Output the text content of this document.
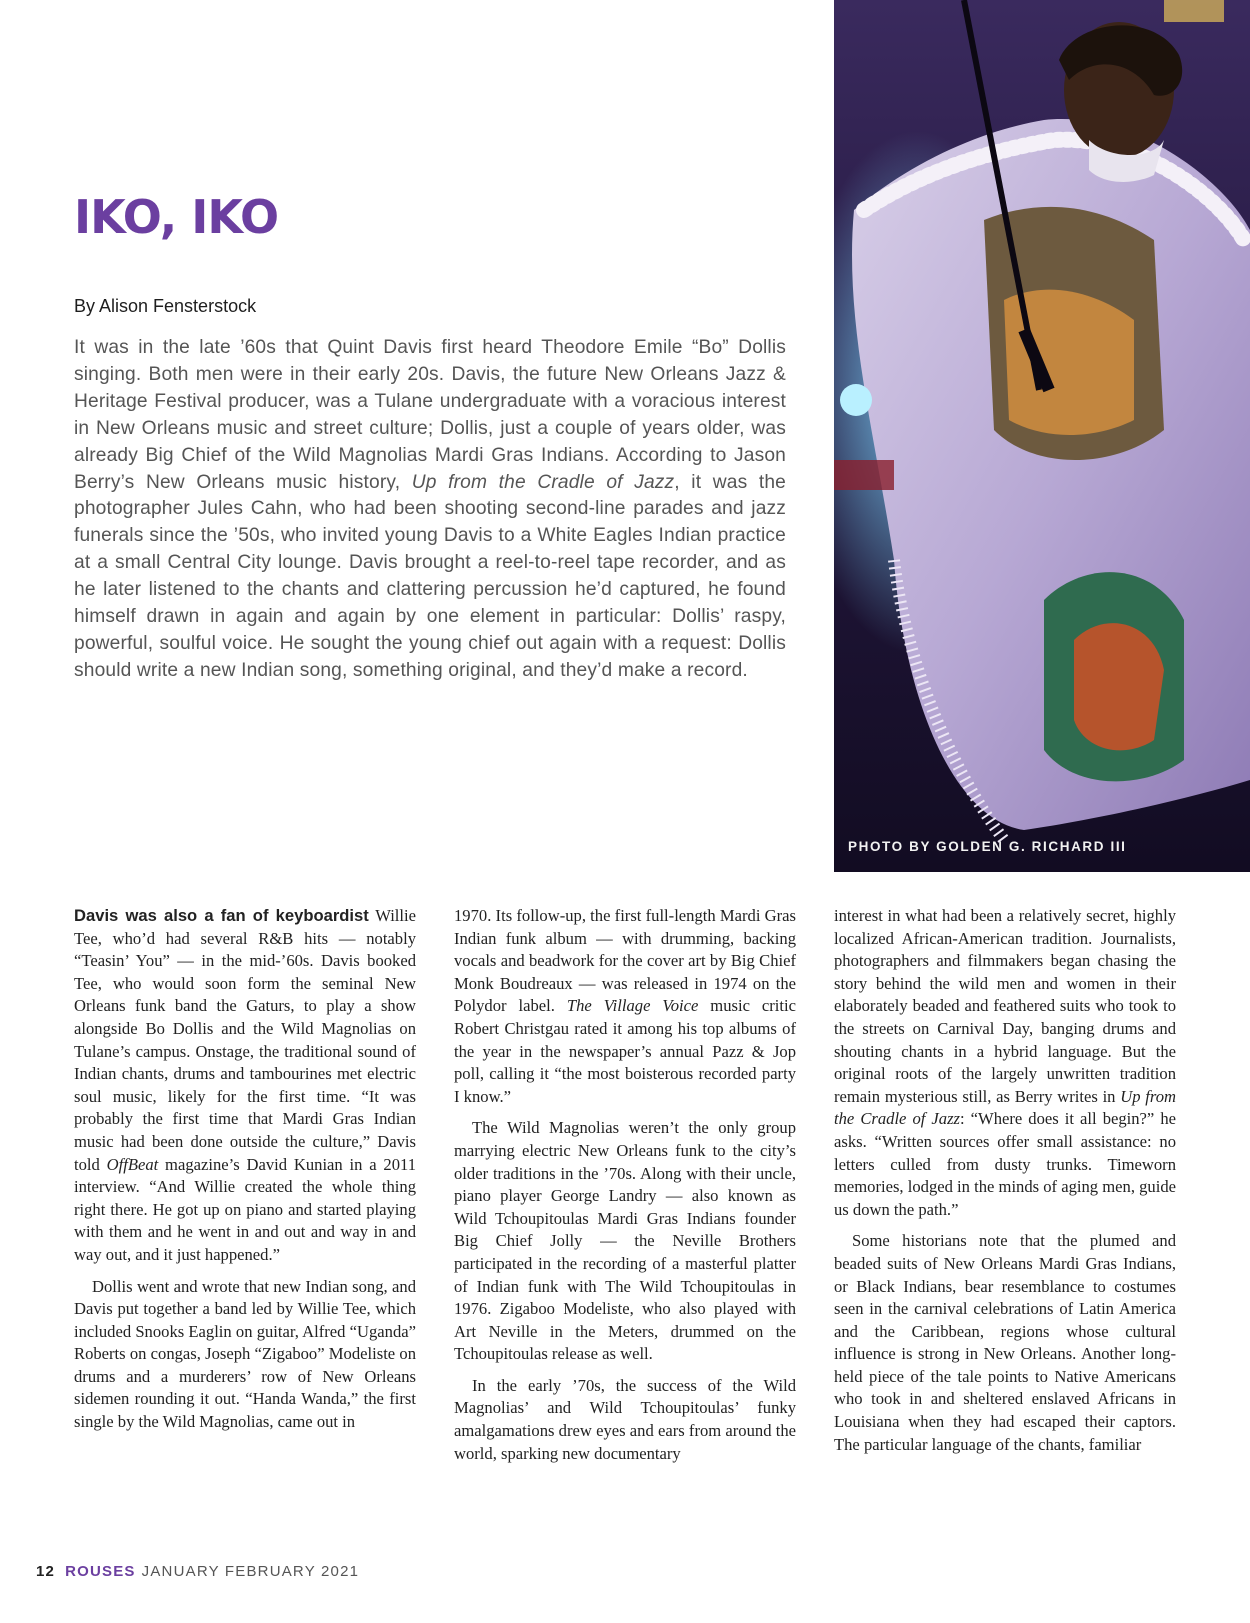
IKO, IKO
By Alison Fensterstock

It was in the late ’60s that Quint Davis first heard Theodore Emile “Bo” Dollis singing. Both men were in their early 20s. Davis, the future New Orleans Jazz & Heritage Festival producer, was a Tulane undergraduate with a voracious interest in New Orleans music and street culture; Dollis, just a couple of years older, was already Big Chief of the Wild Magnolias Mardi Gras Indians. According to Jason Berry’s New Orleans music history, Up from the Cradle of Jazz, it was the photographer Jules Cahn, who had been shooting second-line parades and jazz funerals since the ’50s, who invited young Davis to a White Eagles Indian practice at a small Central City lounge. Davis brought a reel-to-reel tape recorder, and as he later listened to the chants and clattering percussion he’d captured, he found himself drawn in again and again by one element in particular: Dollis’ raspy, powerful, soulful voice. He sought the young chief out again with a request: Dollis should write a new Indian song, something original, and they’d make a record.

PHOTO BY GOLDEN G. RICHARD III

Davis was also a fan of keyboardist Willie Tee, who’d had several R&B hits — notably “Teasin’ You” — in the mid-’60s. Davis booked Tee, who would soon form the seminal New Orleans funk band the Gaturs, to play a show alongside Bo Dollis and the Wild Magnolias on Tulane’s campus. Onstage, the traditional sound of Indian chants, drums and tambourines met electric soul music, likely for the first time. “It was probably the first time that Mardi Gras Indian music had been done outside the culture,” Davis told OffBeat magazine’s David Kunian in a 2011 interview. “And Willie created the whole thing right there. He got up on piano and started playing with them and he went in and out and way in and way out, and it just happened.”

Dollis went and wrote that new Indian song, and Davis put together a band led by Willie Tee, which included Snooks Eaglin on guitar, Alfred “Uganda” Roberts on congas, Joseph “Zigaboo” Modeliste on drums and a murderers’ row of New Orleans sidemen rounding it out. “Handa Wanda,” the first single by the Wild Magnolias, came out in

1970. Its follow-up, the first full-length Mardi Gras Indian funk album — with drumming, backing vocals and beadwork for the cover art by Big Chief Monk Boudreaux — was released in 1974 on the Polydor label. The Village Voice music critic Robert Christgau rated it among his top albums of the year in the newspaper’s annual Pazz & Jop poll, calling it “the most boisterous recorded party I know.”

The Wild Magnolias weren’t the only group marrying electric New Orleans funk to the city’s older traditions in the ’70s. Along with their uncle, piano player George Landry — also known as Wild Tchoupitoulas Mardi Gras Indians founder Big Chief Jolly — the Neville Brothers participated in the recording of a masterful platter of Indian funk with The Wild Tchoupitoulas in 1976. Zigaboo Modeliste, who also played with Art Neville in the Meters, drummed on the Tchoupitoulas release as well.

In the early ’70s, the success of the Wild Magnolias’ and Wild Tchoupitoulas’ funky amalgamations drew eyes and ears from around the world, sparking new documentary

interest in what had been a relatively secret, highly localized African-American tradition. Journalists, photographers and filmmakers began chasing the story behind the wild men and women in their elaborately beaded and feathered suits who took to the streets on Carnival Day, banging drums and shouting chants in a hybrid language. But the original roots of the largely unwritten tradition remain mysterious still, as Berry writes in Up from the Cradle of Jazz: “Where does it all begin?” he asks. “Written sources offer small assistance: no letters culled from dusty trunks. Timeworn memories, lodged in the minds of aging men, guide us down the path.”

Some historians note that the plumed and beaded suits of New Orleans Mardi Gras Indians, or Black Indians, bear resemblance to costumes seen in the carnival celebrations of Latin America and the Caribbean, regions whose cultural influence is strong in New Orleans. Another long-held piece of the tale points to Native Americans who took in and sheltered enslaved Africans in Louisiana when they had escaped their captors. The particular language of the chants, familiar

12 ROUSES JANUARY FEBRUARY 2021
